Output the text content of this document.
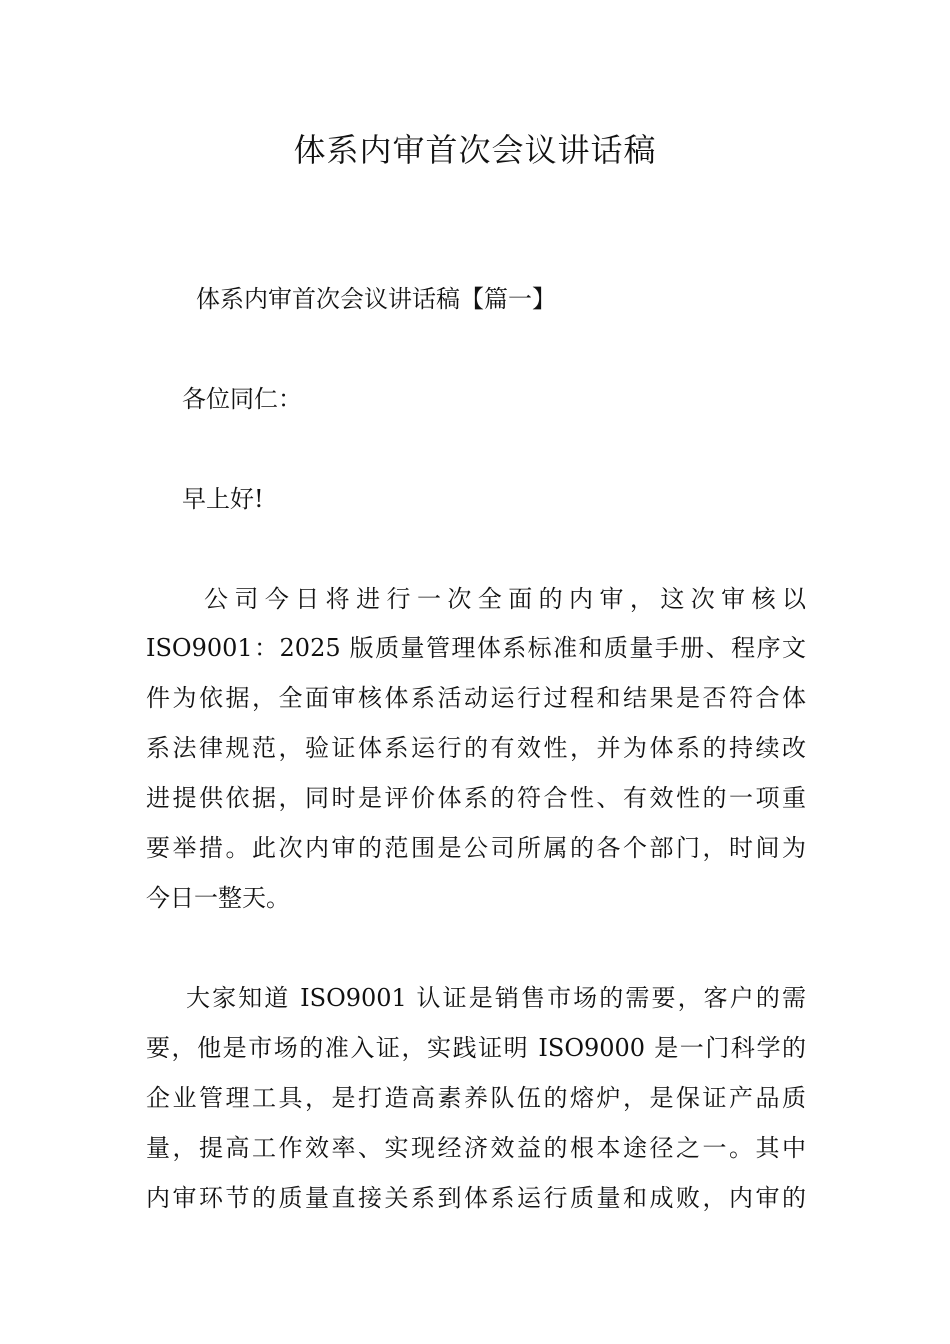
体系内审首次会议讲话稿

体系内审首次会议讲话稿【篇一】

各位同仁：

早上好!

公司今日将进行一次全面的内审，这次审核以

ISO9001：2025 版质量管理体系标准和质量手册、程序文

件为依据，全面审核体系活动运行过程和结果是否符合体

系法律规范，验证体系运行的有效性，并为体系的持续改

进提供依据，同时是评价体系的符合性、有效性的一项重

要举措。此次内审的范围是公司所属的各个部门，时间为

今日一整天。

大家知道 ISO9001 认证是销售市场的需要，客户的需

要，他是市场的准入证，实践证明 ISO9000 是一门科学的

企业管理工具，是打造高素养队伍的熔炉，是保证产品质

量，提高工作效率、实现经济效益的根本途径之一。其中

内审环节的质量直接关系到体系运行质量和成败，内审的
